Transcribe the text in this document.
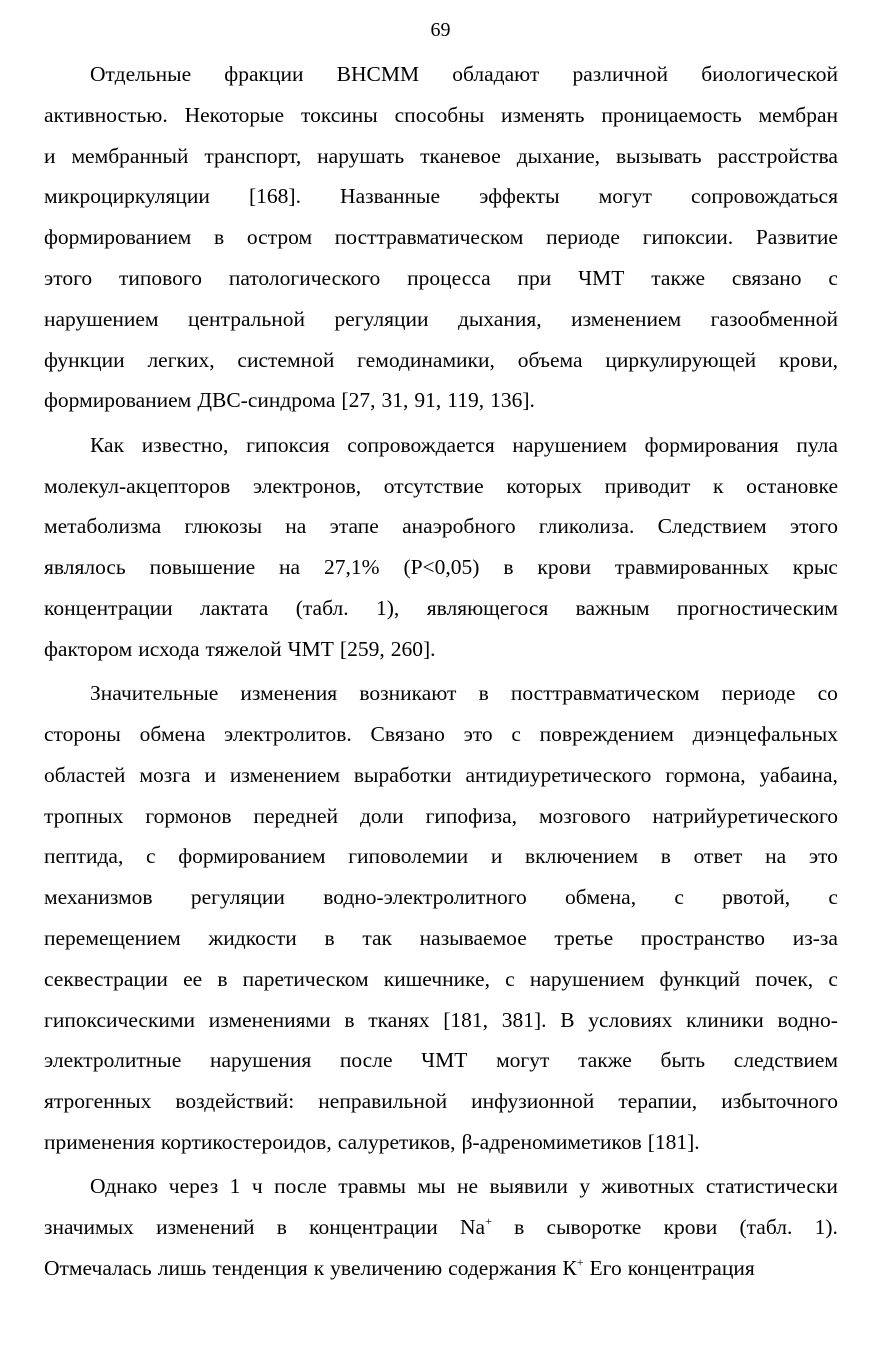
69
Отдельные фракции ВНСММ обладают различной биологической
активностью. Некоторые токсины способны изменять проницаемость мембран
и мембранный транспорт, нарушать тканевое дыхание, вызывать расстройства
микроциркуляции [168]. Названные эффекты могут сопровождаться
формированием в остром посттравматическом периоде гипоксии. Развитие
этого типового патологического процесса при ЧМТ также связано с
нарушением центральной регуляции дыхания, изменением газообменной
функции легких, системной гемодинамики, объема циркулирующей крови,
формированием ДВС-синдрома [27, 31, 91, 119, 136].
Как известно, гипоксия сопровождается нарушением формирования пула
молекул-акцепторов электронов, отсутствие которых приводит к остановке
метаболизма глюкозы на этапе анаэробного гликолиза. Следствием этого
являлось повышение на 27,1% (Р<0,05) в крови травмированных крыс
концентрации лактата (табл. 1), являющегося важным прогностическим
фактором исхода тяжелой ЧМТ [259, 260].
Значительные изменения возникают в посттравматическом периоде со
стороны обмена электролитов. Связано это с повреждением диэнцефальных
областей мозга и изменением выработки антидиуретического гормона, уабаина,
тропных гормонов передней доли гипофиза, мозгового натрийуретического
пептида, с формированием гиповолемии и включением в ответ на это
механизмов регуляции водно-электролитного обмена, с рвотой, с
перемещением жидкости в так называемое третье пространство из-за
секвестрации ее в паретическом кишечнике, с нарушением функций почек, с
гипоксическими изменениями в тканях [181, 381]. В условиях клиники водно-
электролитные нарушения после ЧМТ могут также быть следствием
ятрогенных воздействий: неправильной инфузионной терапии, избыточного
применения кортикостероидов, салуретиков, β-адреномиметиков [181].
Однако через 1 ч после травмы мы не выявили у животных статистически
значимых изменений в концентрации Na+ в сыворотке крови (табл. 1).
Отмечалась лишь тенденция к увеличению содержания К+ Его концентрация
